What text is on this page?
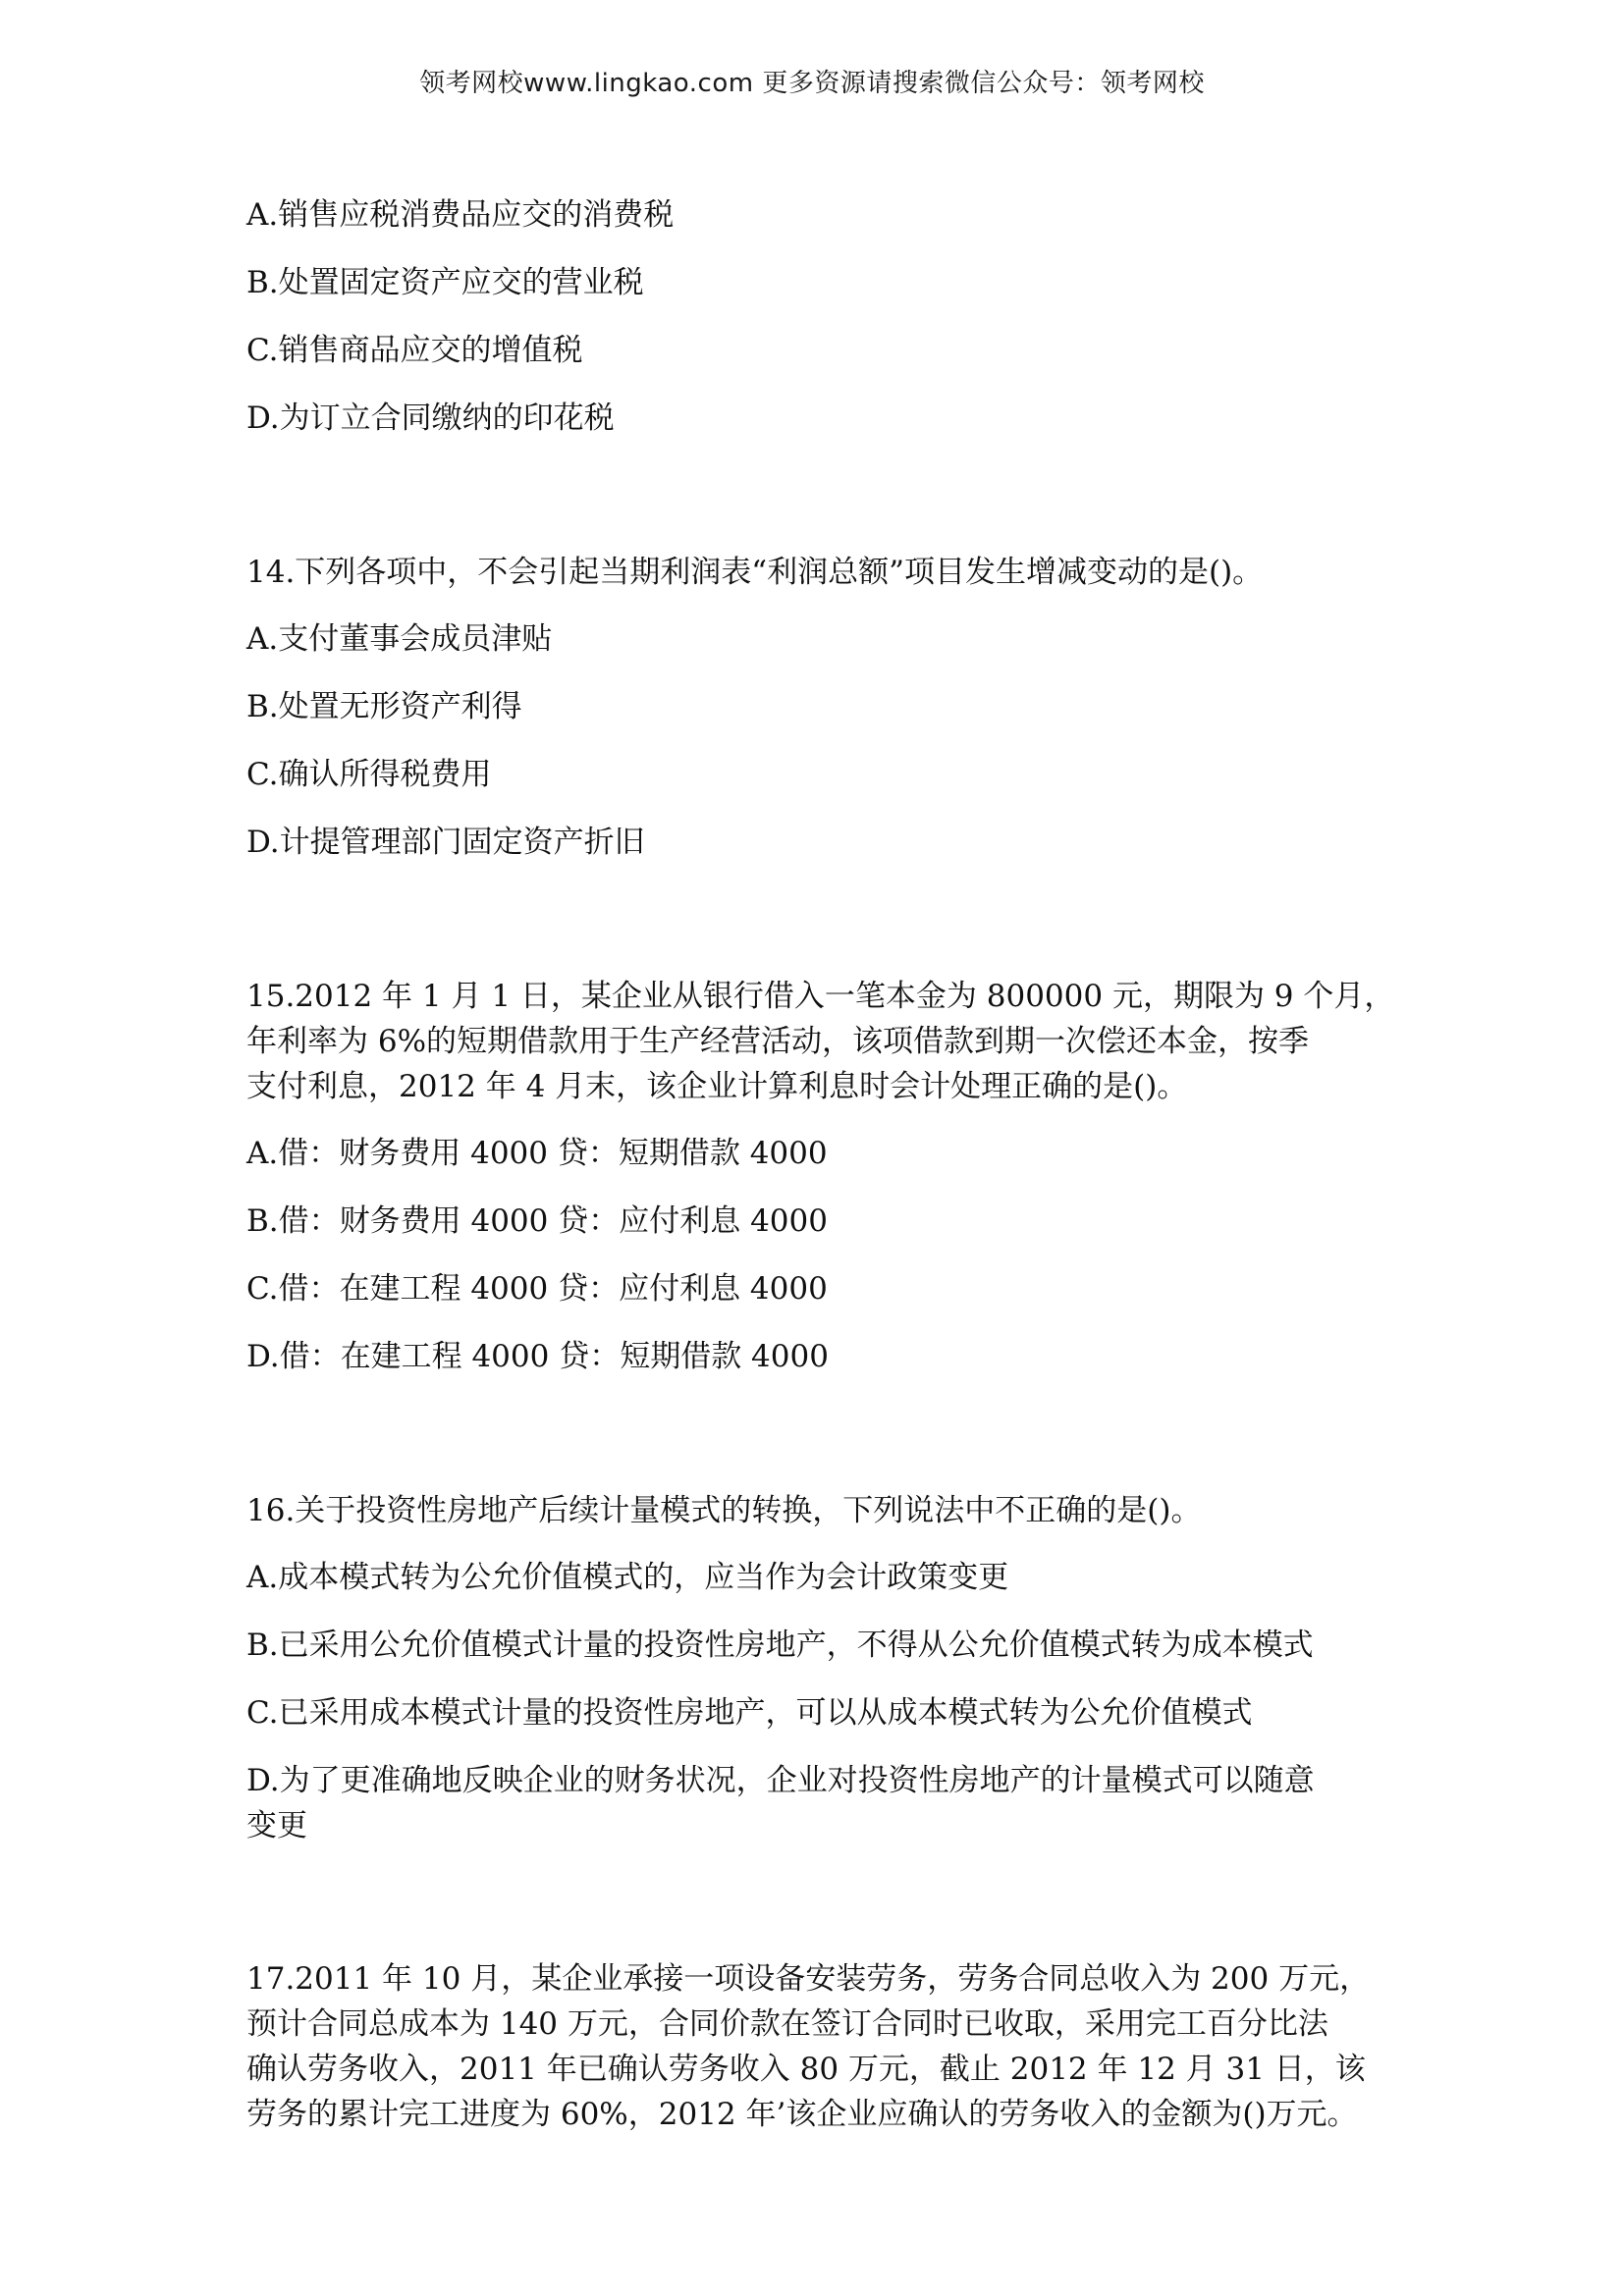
领考网校www.lingkao.com 更多资源请搜索微信公众号：领考网校

A.销售应税消费品应交的消费税

B.处置固定资产应交的营业税

C.销售商品应交的增值税

D.为订立合同缴纳的印花税

14.下列各项中，不会引起当期利润表“利润总额”项目发生增减变动的是()。

A.支付董事会成员津贴

B.处置无形资产利得

C.确认所得税费用

D.计提管理部门固定资产折旧

15.2012 年 1 月 1 日，某企业从银行借入一笔本金为 800000 元，期限为 9 个月，

年利率为 6%的短期借款用于生产经营活动，该项借款到期一次偿还本金，按季

支付利息，2012 年 4 月末，该企业计算利息时会计处理正确的是()。

A.借：财务费用 4000 贷：短期借款 4000

B.借：财务费用 4000 贷：应付利息 4000

C.借：在建工程 4000 贷：应付利息 4000

D.借：在建工程 4000 贷：短期借款 4000

16.关于投资性房地产后续计量模式的转换，下列说法中不正确的是()。

A.成本模式转为公允价值模式的，应当作为会计政策变更

B.已采用公允价值模式计量的投资性房地产，不得从公允价值模式转为成本模式

C.已采用成本模式计量的投资性房地产，可以从成本模式转为公允价值模式

D.为了更准确地反映企业的财务状况，企业对投资性房地产的计量模式可以随意

变更

17.2011 年 10 月，某企业承接一项设备安装劳务，劳务合同总收入为 200 万元，

预计合同总成本为 140 万元，合同价款在签订合同时已收取，采用完工百分比法

确认劳务收入，2011 年已确认劳务收入 80 万元，截止 2012 年 12 月 31 日，该

劳务的累计完工进度为 60%，2012 年’该企业应确认的劳务收入的金额为()万元。
